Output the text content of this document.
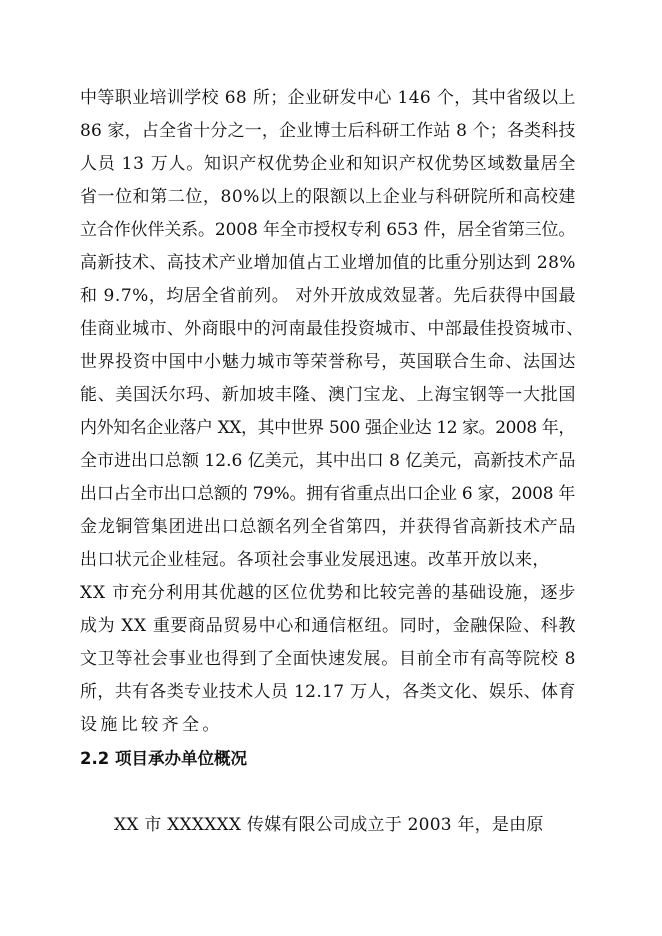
中等职业培训学校 68 所；企业研发中心 146 个，其中省级以上
86 家，占全省十分之一，企业博士后科研工作站 8 个；各类科技
人员 13 万人。知识产权优势企业和知识产权优势区域数量居全
省一位和第二位，80%以上的限额以上企业与科研院所和高校建
立合作伙伴关系。2008 年全市授权专利 653 件，居全省第三位。
高新技术、高技术产业增加值占工业增加值的比重分别达到 28%
和 9.7%，均居全省前列。 对外开放成效显著。先后获得中国最
佳商业城市、外商眼中的河南最佳投资城市、中部最佳投资城市、
世界投资中国中小魅力城市等荣誉称号，英国联合生命、法国达
能、美国沃尔玛、新加坡丰隆、澳门宝龙、上海宝钢等一大批国
内外知名企业落户 XX，其中世界 500 强企业达 12 家。2008 年，
全市进出口总额 12.6 亿美元，其中出口 8 亿美元，高新技术产品
出口占全市出口总额的 79%。拥有省重点出口企业 6 家，2008 年
金龙铜管集团进出口总额名列全省第四，并获得省高新技术产品
出口状元企业桂冠。各项社会事业发展迅速。改革开放以来，
XX 市充分利用其优越的区位优势和比较完善的基础设施，逐步
成为 XX 重要商品贸易中心和通信枢纽。同时，金融保险、科教
文卫等社会事业也得到了全面快速发展。目前全市有高等院校 8
所，共有各类专业技术人员 12.17 万人，各类文化、娱乐、体育
设施比较齐全。
2.2 项目承办单位概况
XX 市 XXXXXX 传媒有限公司成立于 2003 年，是由原
